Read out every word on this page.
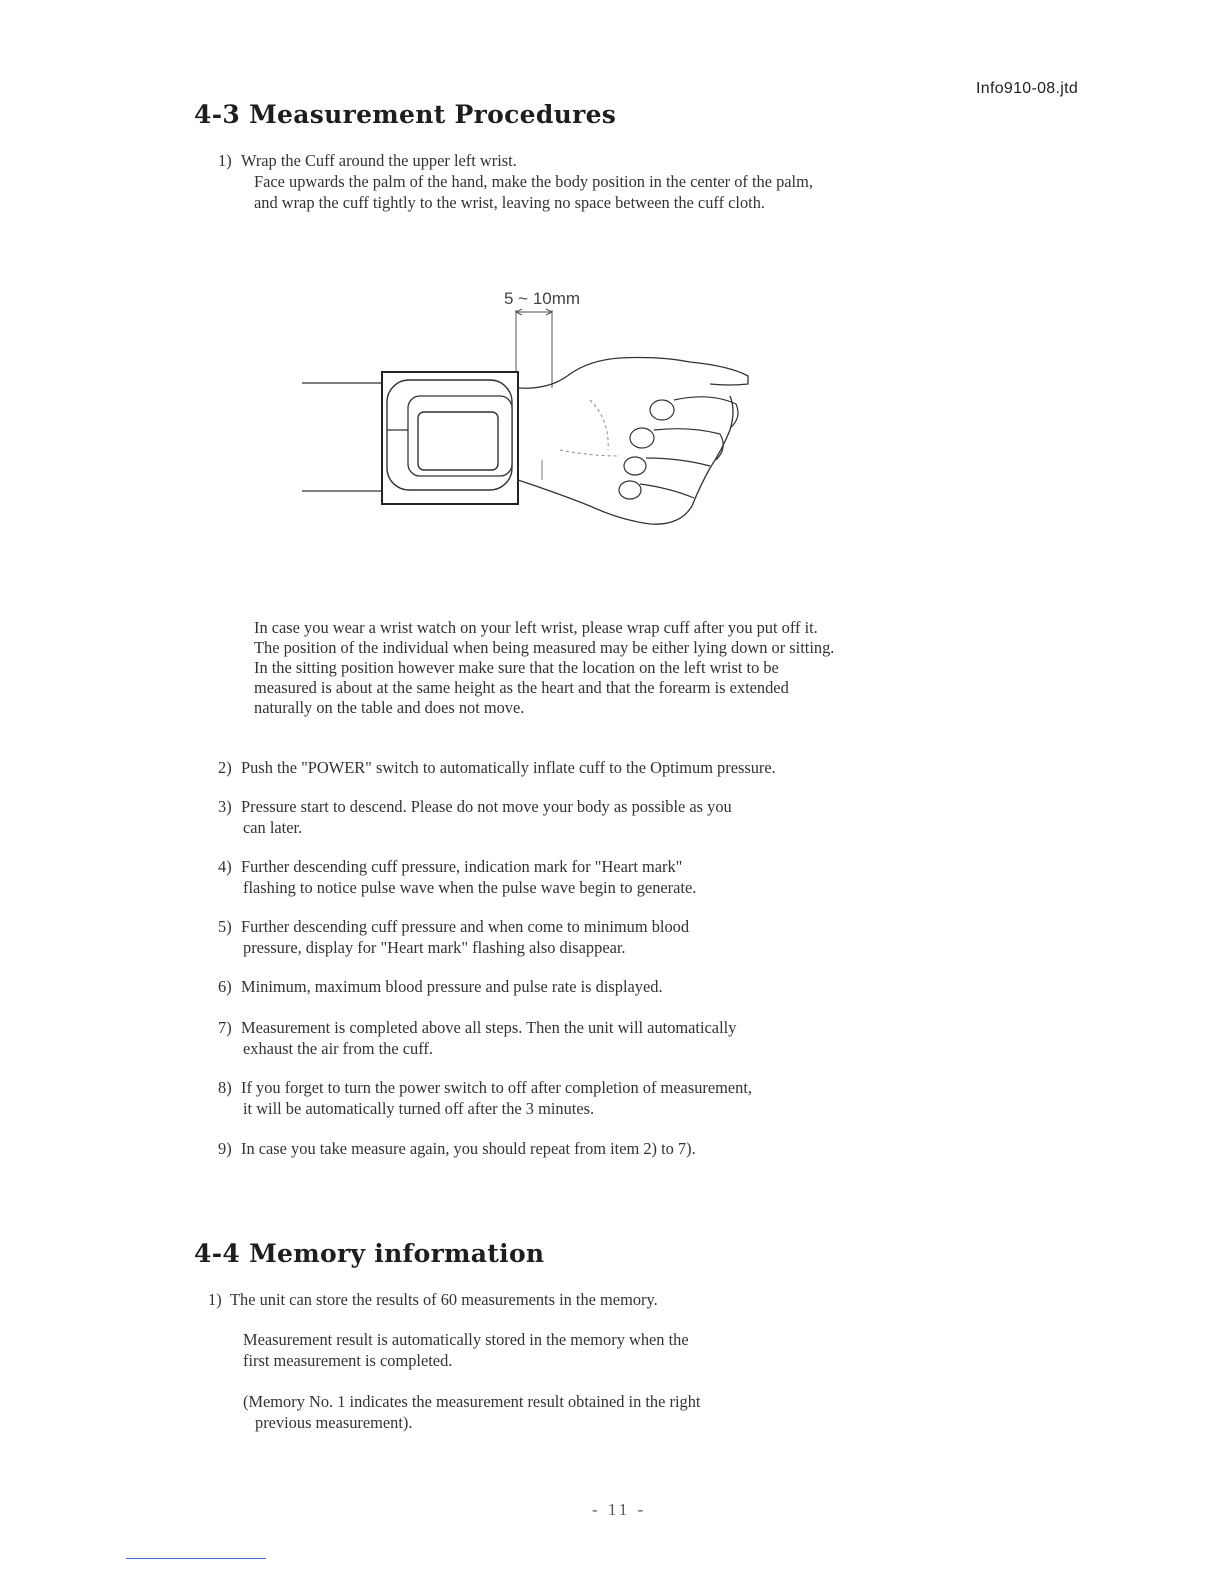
Info910-08.jtd
4-3 Measurement Procedures
1) Wrap the Cuff around the upper left wrist.
Face upwards the palm of the hand, make the body position in the center of the palm,
and wrap the cuff tightly to the wrist, leaving no space between the cuff cloth.
5 ~ 10mm
In case you wear a wrist watch on your left wrist, please wrap cuff after you put off it.
The position of the individual when being measured may be either lying down or sitting.
In the sitting position however make sure that the location on the left wrist to be
measured is about at the same height as the heart and that the forearm is extended
naturally on the table and does not move.
2) Push the "POWER" switch to automatically inflate cuff to the Optimum pressure.
3) Pressure start to descend. Please do not move your body as possible as you
can later.
4) Further descending cuff pressure, indication mark for "Heart mark"
flashing to notice pulse wave when the pulse wave begin to generate.
5) Further descending cuff pressure and when come to minimum blood
pressure, display for "Heart mark" flashing also disappear.
6) Minimum, maximum blood pressure and pulse rate is displayed.
7) Measurement is completed above all steps. Then the unit will automatically
exhaust the air from the cuff.
8) If you forget to turn the power switch to off after completion of measurement,
it will be automatically turned off after the 3 minutes.
9) In case you take measure again, you should repeat from item 2) to 7).
4-4 Memory information
1) The unit can store the results of 60 measurements in the memory.
Measurement result is automatically stored in the memory when the
first measurement is completed.
(Memory No. 1 indicates the measurement result obtained in the right
previous measurement).
- 11 -
